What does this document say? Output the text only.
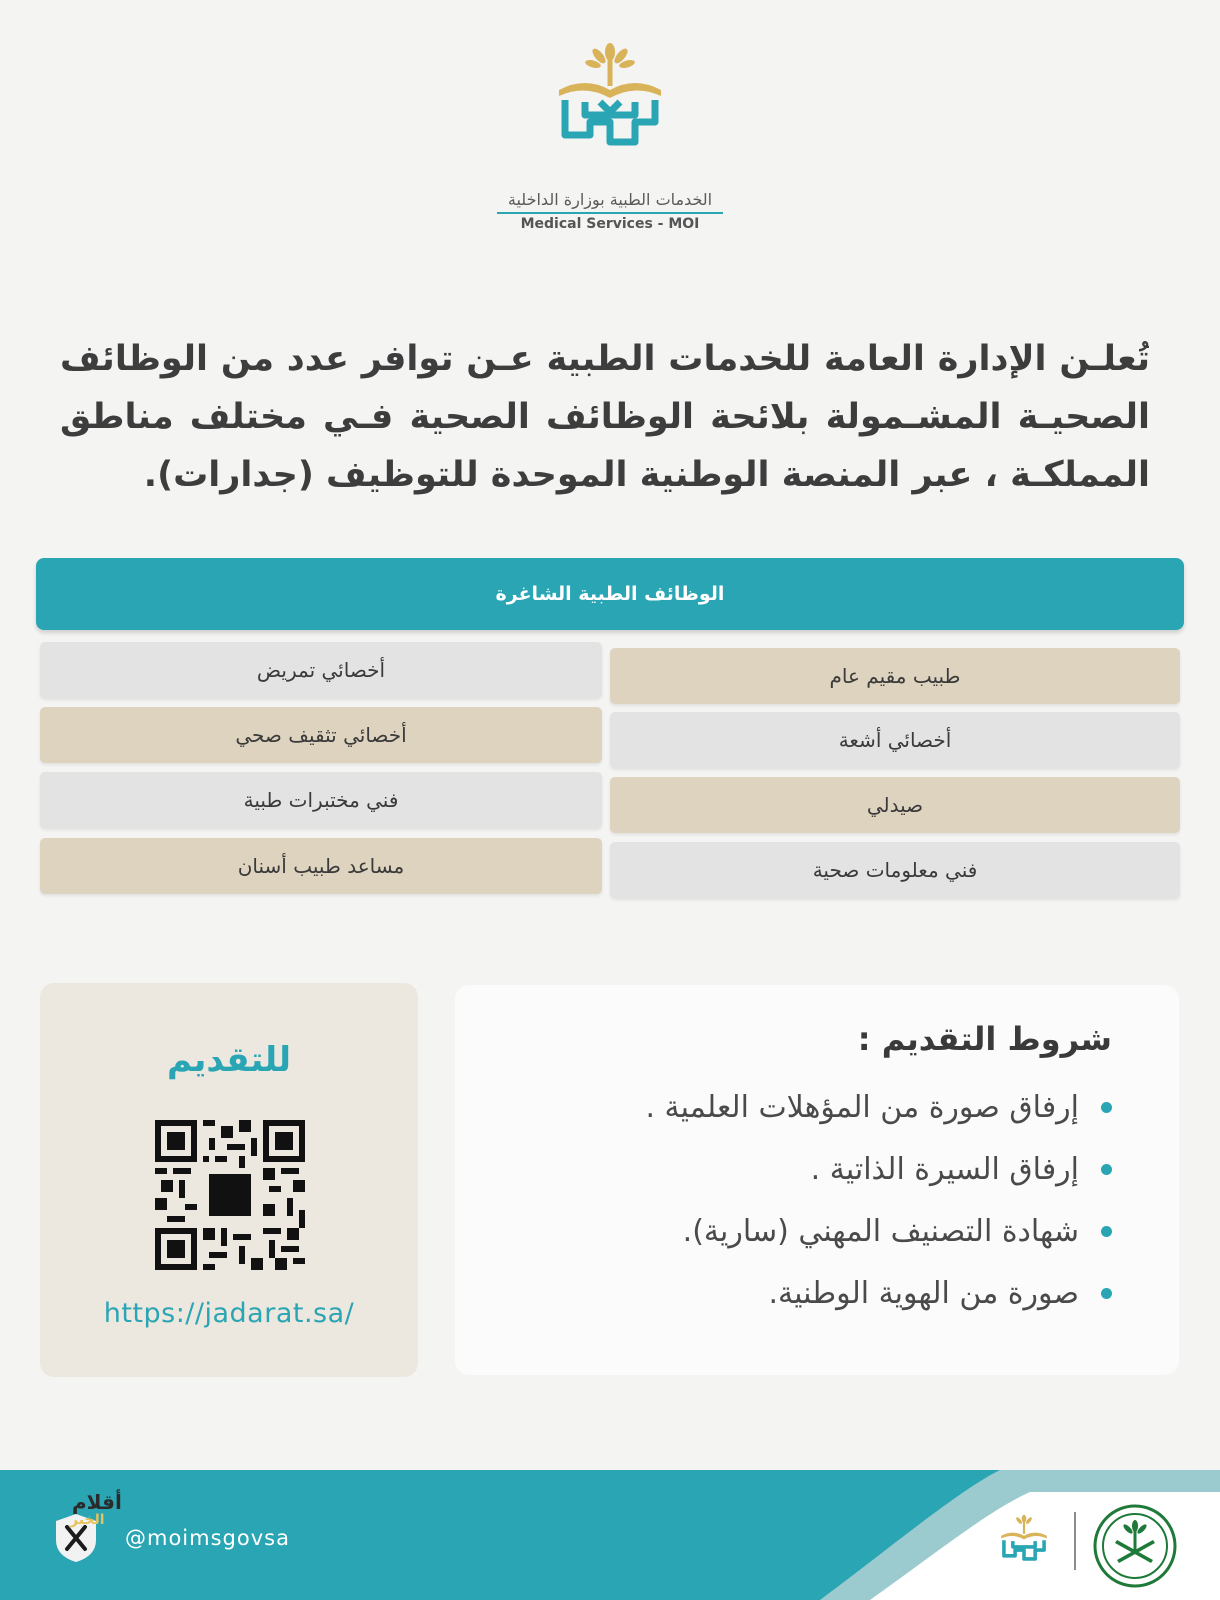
الخدمات الطبية بوزارة الداخلية
Medical Services - MOI
تُعلـن الإدارة العامة للخدمات الطبية عـن توافر عدد من الوظائف الصحيـة المشـمولة بلائحة الوظائف الصحية فـي مختلف مناطق المملكـة ، عبر المنصة الوطنية الموحدة للتوظيف (جدارات).
الوظائف الطبية الشاغرة
طبيب مقيم عام
أخصائي تمريض
أخصائي أشعة
أخصائي تثقيف صحي
صيدلي
فني مختبرات طبية
فني معلومات صحية
مساعد طبيب أسنان
شروط التقديم :
إرفاق صورة من المؤهلات العلمية .
إرفاق السيرة الذاتية .
شهادة التصنيف المهني (سارية).
صورة من الهوية الوطنية.
للتقديم
https://jadarat.sa/
أقلام
الخبر
@moimsgovsa
